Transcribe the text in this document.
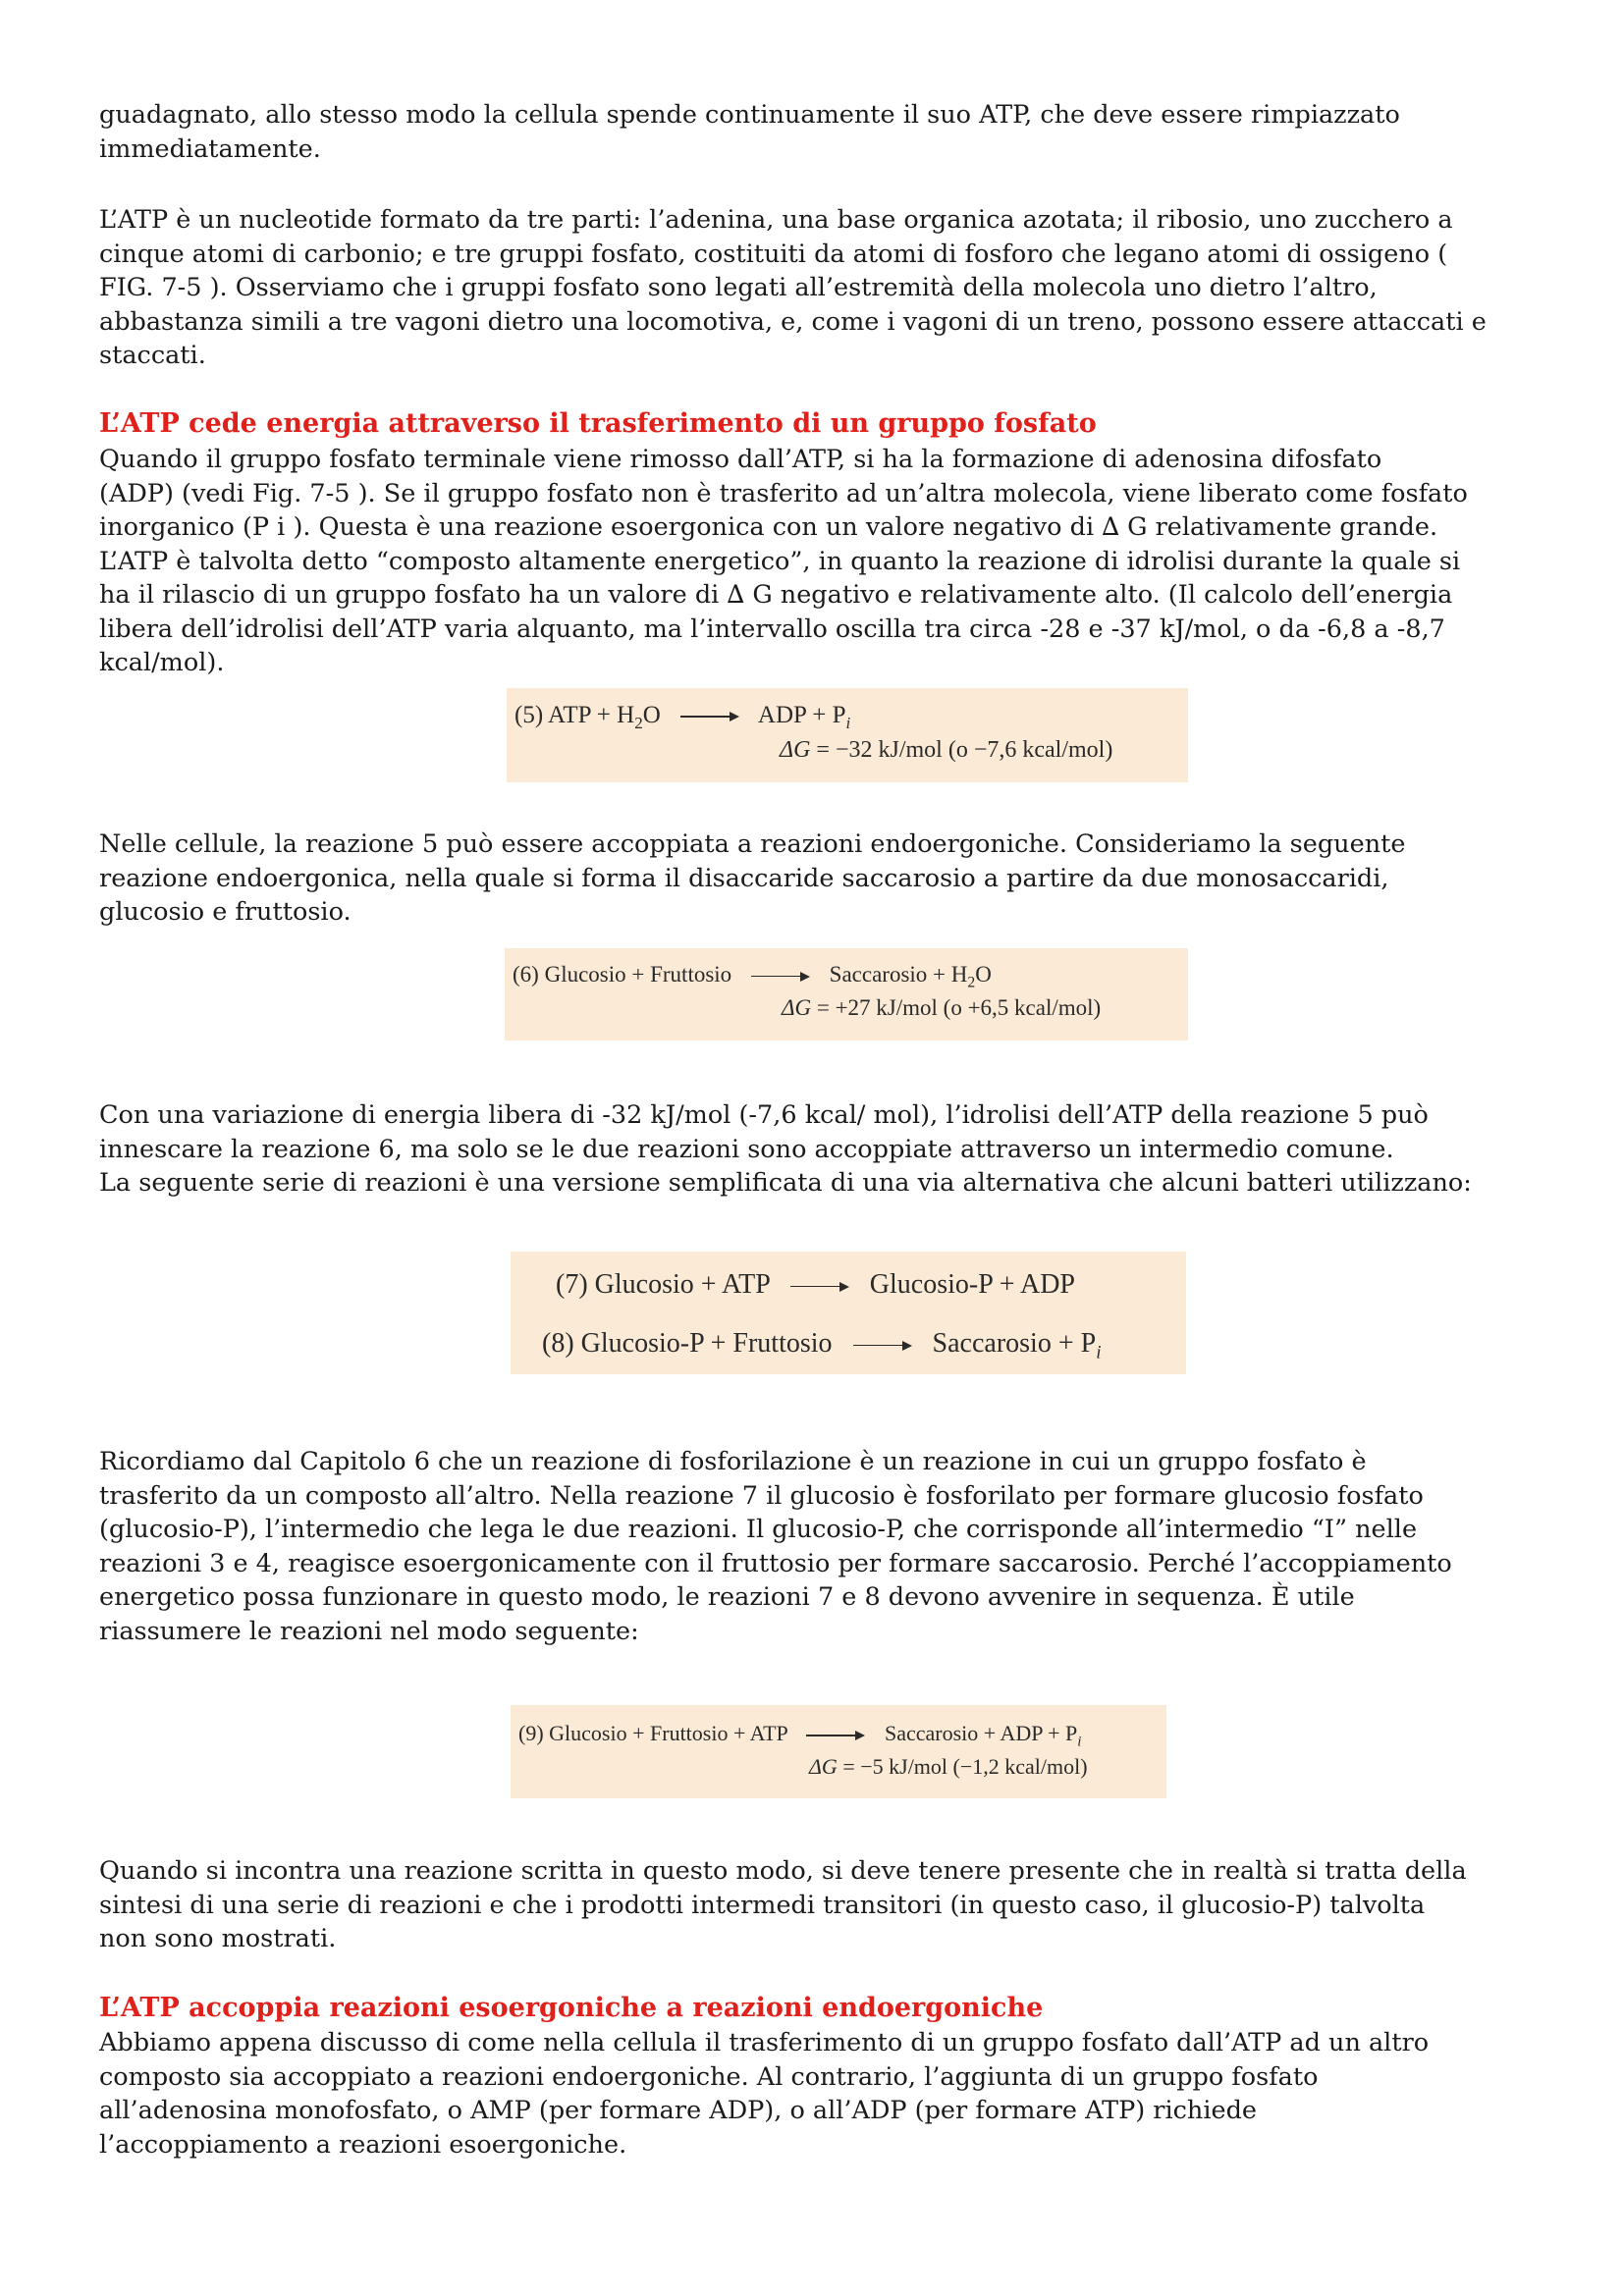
guadagnato, allo stesso modo la cellula spende continuamente il suo ATP, che deve essere rimpiazzato
immediatamente.

L’ATP è un nucleotide formato da tre parti: l’adenina, una base organica azotata; il ribosio, uno zucchero a
cinque atomi di carbonio; e tre gruppi fosfato, costituiti da atomi di fosforo che legano atomi di ossigeno (
FIG. 7-5 ). Osserviamo che i gruppi fosfato sono legati all’estremità della molecola uno dietro l’altro,
abbastanza simili a tre vagoni dietro una locomotiva, e, come i vagoni di un treno, possono essere attaccati e
staccati.

L’ATP cede energia attraverso il trasferimento di un gruppo fosfato

Quando il gruppo fosfato terminale viene rimosso dall’ATP, si ha la formazione di adenosina difosfato
(ADP) (vedi Fig. 7-5 ). Se il gruppo fosfato non è trasferito ad un’altra molecola, viene liberato come fosfato
inorganico (P i ). Questa è una reazione esoergonica con un valore negativo di ∆ G relativamente grande.
L’ATP è talvolta detto “composto altamente energetico”, in quanto la reazione di idrolisi durante la quale si
ha il rilascio di un gruppo fosfato ha un valore di ∆ G negativo e relativamente alto. (Il calcolo dell’energia
libera dell’idrolisi dell’ATP varia alquanto, ma l’intervallo oscilla tra circa -28 e -37 kJ/mol, o da -6,8 a -8,7
kcal/mol).

(5) ATP + $H_2O$	ADP + $P_i$
ΔG = −32 kJ/mol (o −7,6 kcal/mol)

Nelle cellule, la reazione 5 può essere accoppiata a reazioni endoergoniche. Consideriamo la seguente
reazione endoergonica, nella quale si forma il disaccaride saccarosio a partire da due monosaccaridi,
glucosio e fruttosio.

(6) Glucosio + Fruttosio	Saccarosio + $H_2O$
ΔG = +27 kJ/mol (o +6,5 kcal/mol)

Con una variazione di energia libera di -32 kJ/mol (-7,6 kcal/ mol), l’idrolisi dell’ATP della reazione 5 può
innescare la reazione 6, ma solo se le due reazioni sono accoppiate attraverso un intermedio comune.
La seguente serie di reazioni è una versione semplificata di una via alternativa che alcuni batteri utilizzano:

(7) Glucosio + ATP	Glucosio-P + ADP
(8) Glucosio-P + Fruttosio	Saccarosio + $P_i$

Ricordiamo dal Capitolo 6 che un reazione di fosforilazione è un reazione in cui un gruppo fosfato è
trasferito da un composto all’altro. Nella reazione 7 il glucosio è fosforilato per formare glucosio fosfato
(glucosio-P), l’intermedio che lega le due reazioni. Il glucosio-P, che corrisponde all’intermedio “I” nelle
reazioni 3 e 4, reagisce esoergonicamente con il fruttosio per formare saccarosio. Perché l’accoppiamento
energetico possa funzionare in questo modo, le reazioni 7 e 8 devono avvenire in sequenza. È utile
riassumere le reazioni nel modo seguente:

(9) Glucosio + Fruttosio + ATP	Saccarosio + ADP + $P_i$
ΔG = −5 kJ/mol (−1,2 kcal/mol)

Quando si incontra una reazione scritta in questo modo, si deve tenere presente che in realtà si tratta della
sintesi di una serie di reazioni e che i prodotti intermedi transitori (in questo caso, il glucosio-P) talvolta
non sono mostrati.

L’ATP accoppia reazioni esoergoniche a reazioni endoergoniche

Abbiamo appena discusso di come nella cellula il trasferimento di un gruppo fosfato dall’ATP ad un altro
composto sia accoppiato a reazioni endoergoniche. Al contrario, l’aggiunta di un gruppo fosfato
all’adenosina monofosfato, o AMP (per formare ADP), o all’ADP (per formare ATP) richiede
l’accoppiamento a reazioni esoergoniche.
